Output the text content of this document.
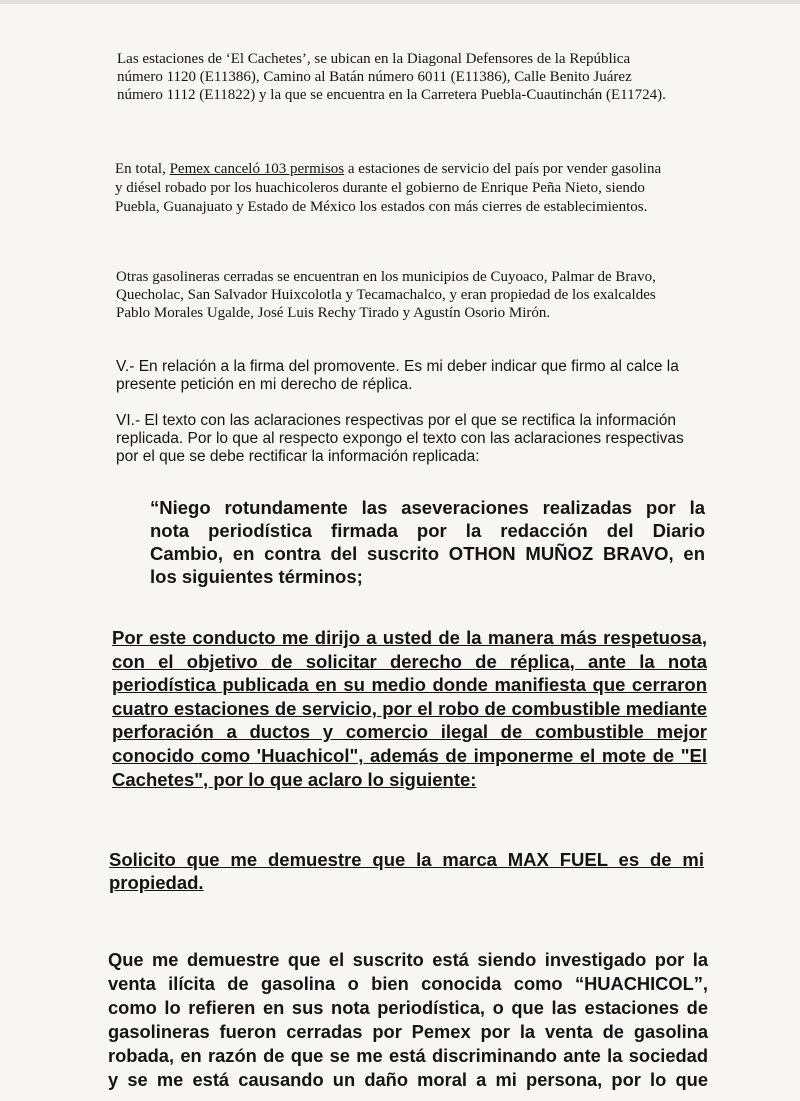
Las estaciones de ‘El Cachetes’, se ubican en la Diagonal Defensores de la República
número 1120 (E11386), Camino al Batán número 6011 (E11386), Calle Benito Juárez
número 1112 (E11822) y la que se encuentra en la Carretera Puebla-Cuautinchán (E11724).
En total, Pemex canceló 103 permisos a estaciones de servicio del país por vender gasolina
y diésel robado por los huachicoleros durante el gobierno de Enrique Peña Nieto, siendo
Puebla, Guanajuato y Estado de México los estados con más cierres de establecimientos.
Otras gasolineras cerradas se encuentran en los municipios de Cuyoaco, Palmar de Bravo,
Quecholac, San Salvador Huixcolotla y Tecamachalco, y eran propiedad de los exalcaldes
Pablo Morales Ugalde, José Luis Rechy Tirado y Agustín Osorio Mirón.
V.- En relación a la firma del promovente. Es mi deber indicar que firmo al calce la
presente petición en mi derecho de réplica.
VI.- El texto con las aclaraciones respectivas por el que se rectifica la información
replicada. Por lo que al respecto expongo el texto con las aclaraciones respectivas
por el que se debe rectificar la información replicada:
“Niego rotundamente las aseveraciones realizadas por la
nota periodística firmada por la redacción del Diario
Cambio, en contra del suscrito OTHON MUÑOZ BRAVO, en
los siguientes términos;
Por este conducto me dirijo a usted de la manera más respetuosa,
con el objetivo de solicitar derecho de réplica, ante la nota
periodística publicada en su medio donde manifiesta que cerraron
cuatro estaciones de servicio, por el robo de combustible mediante
perforación a ductos y comercio ilegal de combustible mejor
conocido como 'Huachicol", además de imponerme el mote de "El
Cachetes", por lo que aclaro lo siguiente:
Solicito que me demuestre que la marca MAX FUEL es de mi
propiedad.
Que me demuestre que el suscrito está siendo investigado por la
venta ilícita de gasolina o bien conocida como “HUACHICOL”,
como lo refieren en sus nota periodística, o que las estaciones de
gasolineras fueron cerradas por Pemex por la venta de gasolina
robada, en razón de que se me está discriminando ante la sociedad
y se me está causando un daño moral a mi persona, por lo que
